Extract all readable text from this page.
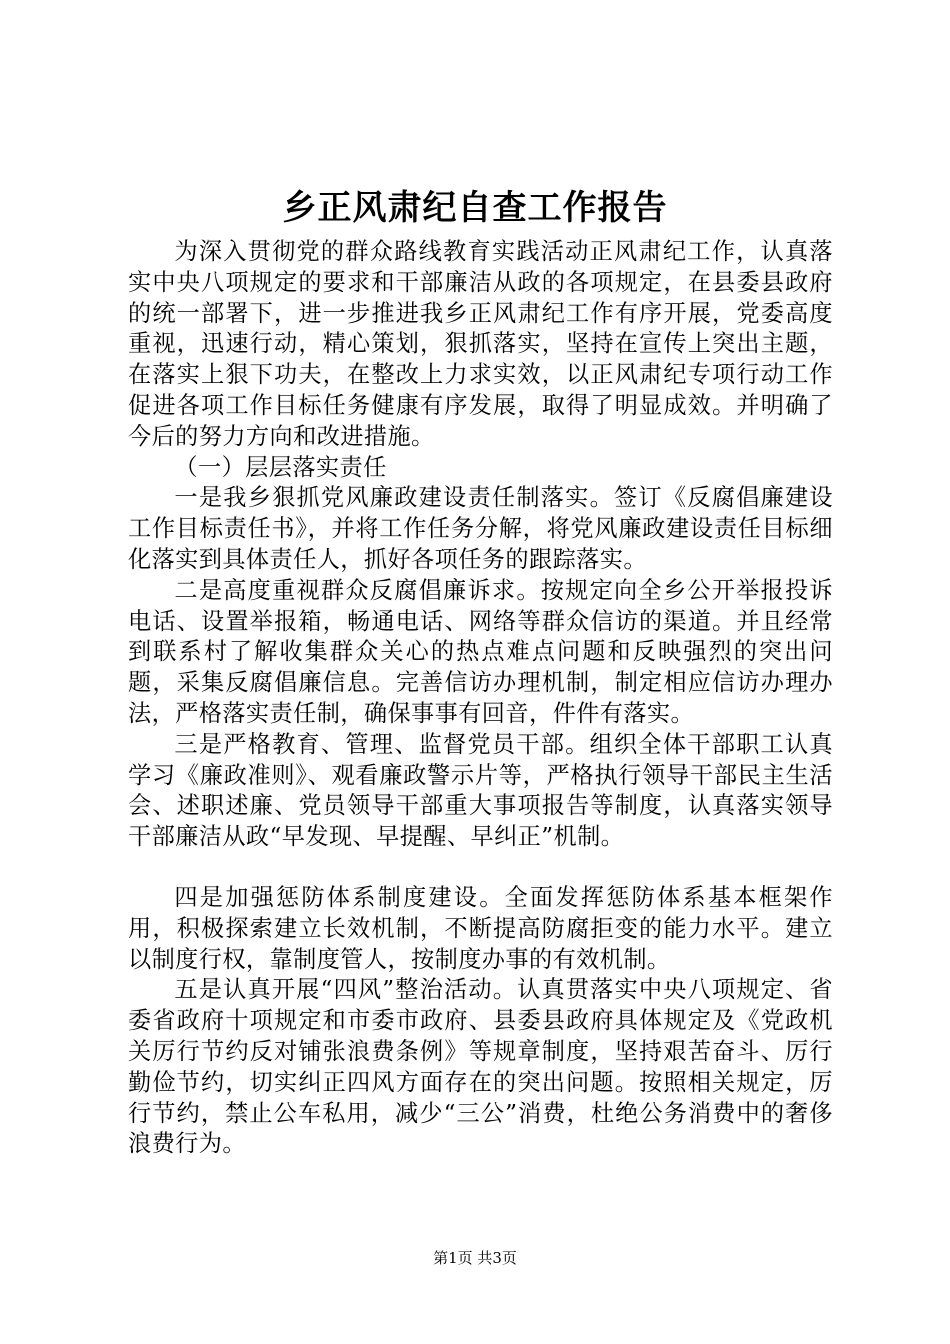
乡正风肃纪自查工作报告

为深入贯彻党的群众路线教育实践活动正风肃纪工作，认真落实中央八项规定的要求和干部廉洁从政的各项规定，在县委县政府的统一部署下，进一步推进我乡正风肃纪工作有序开展，党委高度重视，迅速行动，精心策划，狠抓落实，坚持在宣传上突出主题，在落实上狠下功夫，在整改上力求实效，以正风肃纪专项行动工作促进各项工作目标任务健康有序发展，取得了明显成效。并明确了今后的努力方向和改进措施。

（一）层层落实责任

一是我乡狠抓党风廉政建设责任制落实。签订《反腐倡廉建设工作目标责任书》，并将工作任务分解，将党风廉政建设责任目标细化落实到具体责任人，抓好各项任务的跟踪落实。

二是高度重视群众反腐倡廉诉求。按规定向全乡公开举报投诉电话、设置举报箱，畅通电话、网络等群众信访的渠道。并且经常到联系村了解收集群众关心的热点难点问题和反映强烈的突出问题，采集反腐倡廉信息。完善信访办理机制，制定相应信访办理办法，严格落实责任制，确保事事有回音，件件有落实。

三是严格教育、管理、监督党员干部。组织全体干部职工认真学习《廉政准则》、观看廉政警示片等，严格执行领导干部民主生活会、述职述廉、党员领导干部重大事项报告等制度，认真落实领导干部廉洁从政“早发现、早提醒、早纠正”机制。

四是加强惩防体系制度建设。全面发挥惩防体系基本框架作用，积极探索建立长效机制，不断提高防腐拒变的能力水平。建立以制度行权，靠制度管人，按制度办事的有效机制。

五是认真开展“四风”整治活动。认真贯落实中央八项规定、省委省政府十项规定和市委市政府、县委县政府具体规定及《党政机关厉行节约反对铺张浪费条例》等规章制度，坚持艰苦奋斗、厉行勤俭节约，切实纠正四风方面存在的突出问题。按照相关规定，厉行节约，禁止公车私用，减少“三公”消费，杜绝公务消费中的奢侈浪费行为。

第1页 共3页
